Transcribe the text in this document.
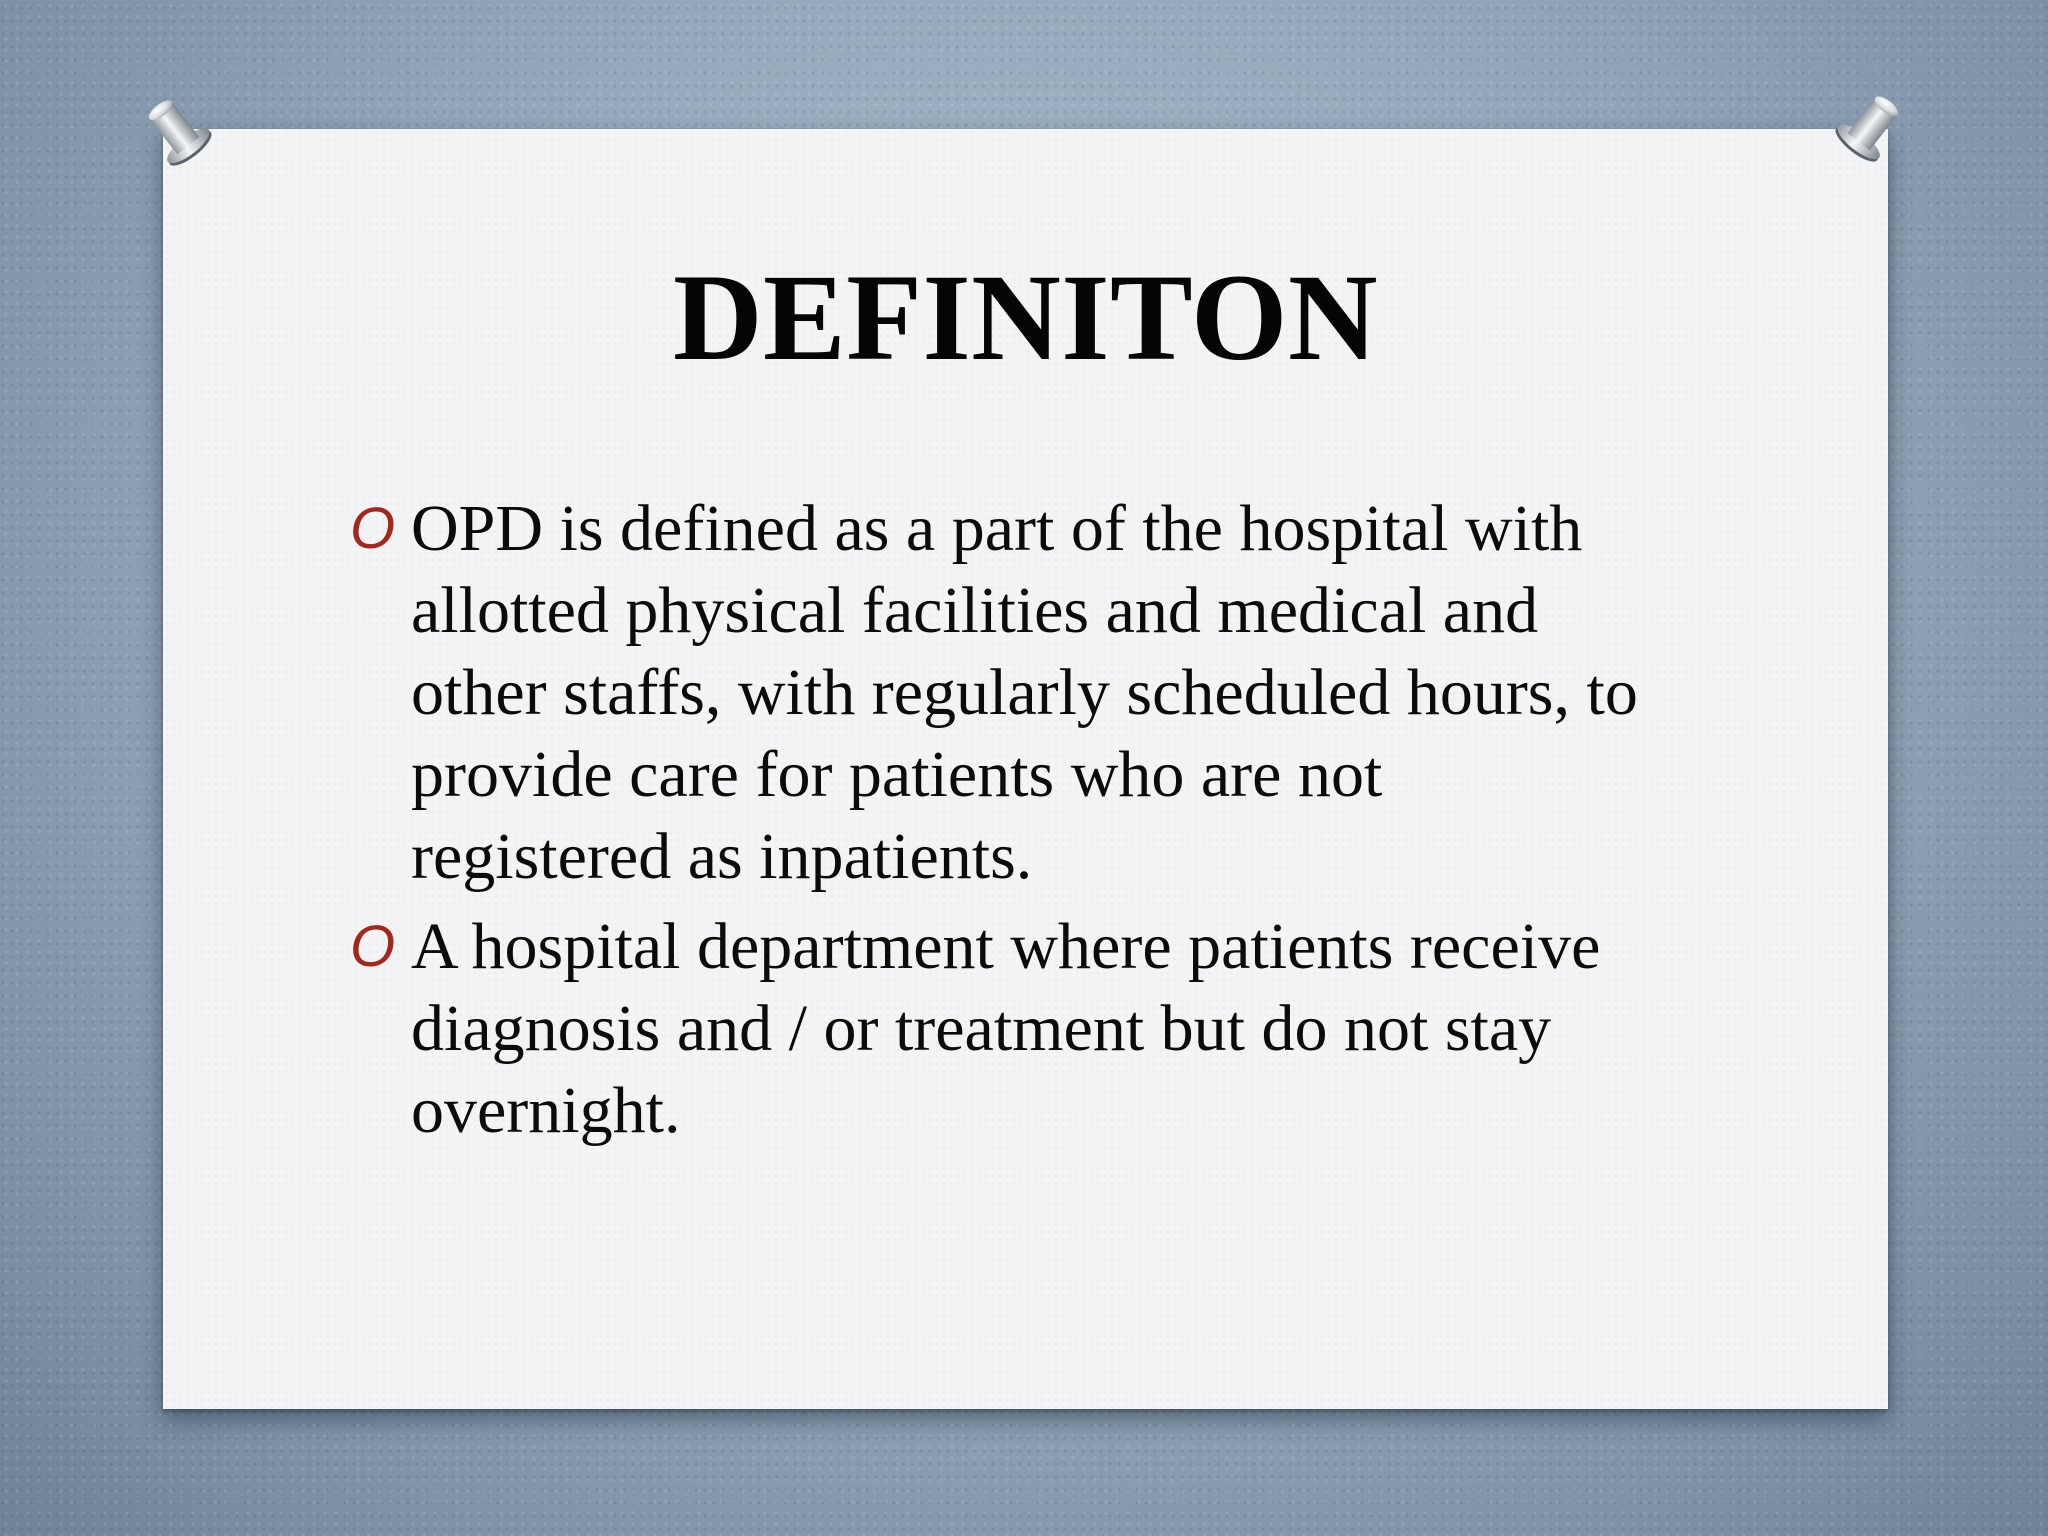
DEFINITON
O OPD is defined as a part of the hospital with
allotted physical facilities and medical and
other staffs, with regularly scheduled hours, to
provide care for patients who are not
registered as inpatients.
O A hospital department where patients receive
diagnosis and / or treatment but do not stay
overnight.
